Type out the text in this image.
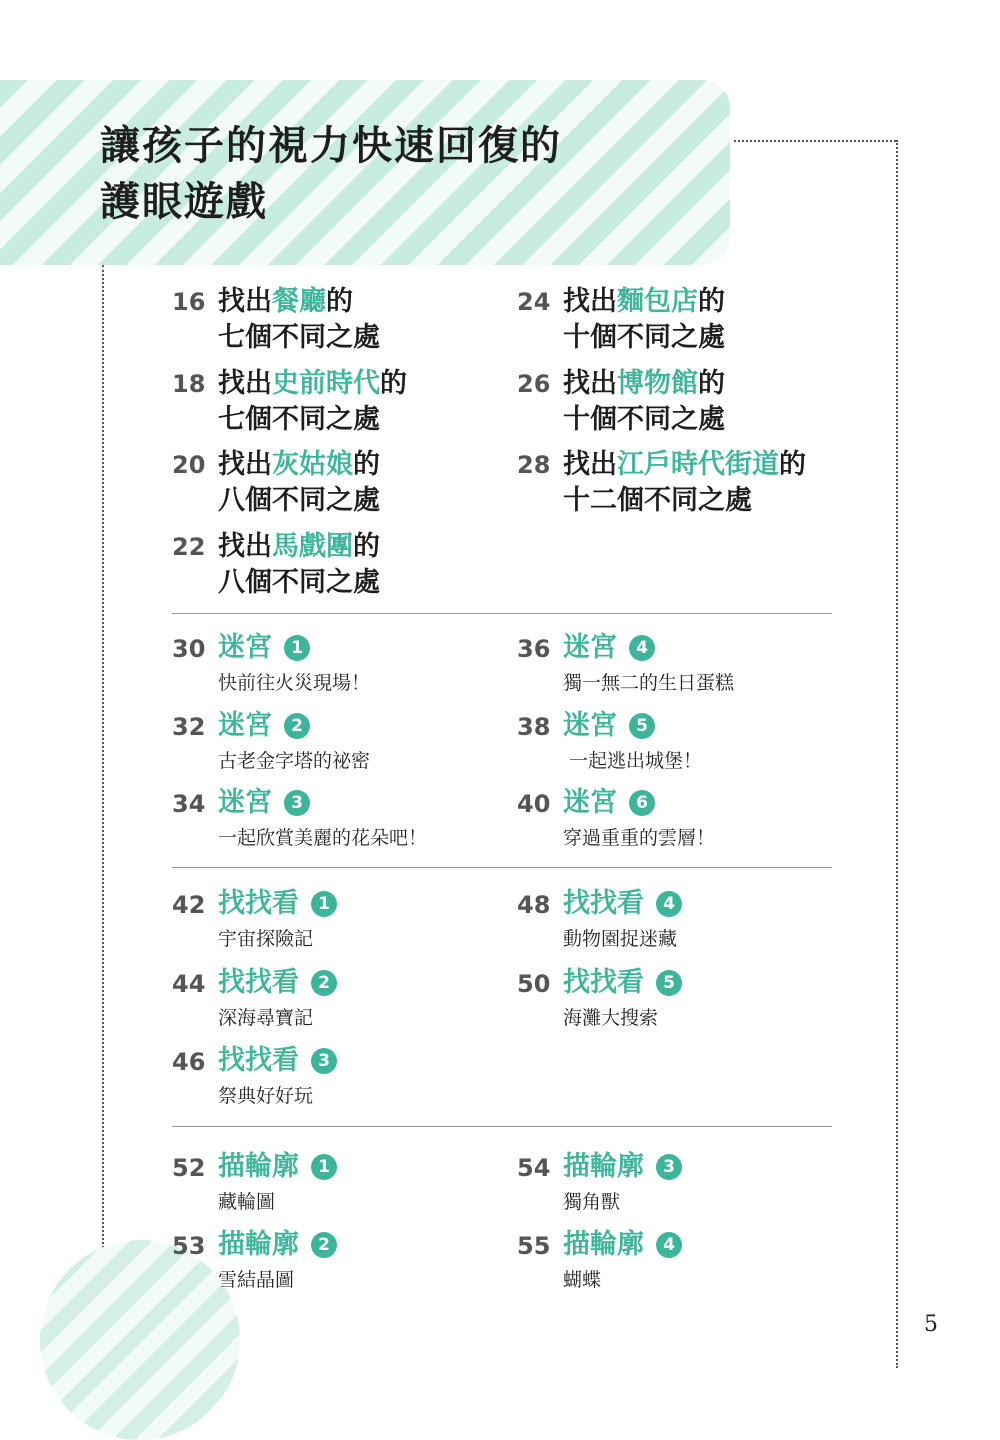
讓孩子的視力快速回復的
護眼遊戲
16 找出餐廳的
七個不同之處
18 找出史前時代的
七個不同之處
20 找出灰姑娘的
八個不同之處
22 找出馬戲團的
八個不同之處
24 找出麵包店的
十個不同之處
26 找出博物館的
十個不同之處
28 找出江戶時代街道的
十二個不同之處
30 迷宮 1
快前往火災現場！
32 迷宮 2
古老金字塔的祕密
34 迷宮 3
一起欣賞美麗的花朵吧！
36 迷宮 4
獨一無二的生日蛋糕
38 迷宮 5
一起逃出城堡！
40 迷宮 6
穿過重重的雲層！
42 找找看 1
宇宙探險記
44 找找看 2
深海尋寶記
46 找找看 3
祭典好好玩
48 找找看 4
動物園捉迷藏
50 找找看 5
海灘大搜索
52 描輪廓 1
藏輪圖
53 描輪廓 2
雪結晶圖
54 描輪廓 3
獨角獸
55 描輪廓 4
蝴蝶
5
